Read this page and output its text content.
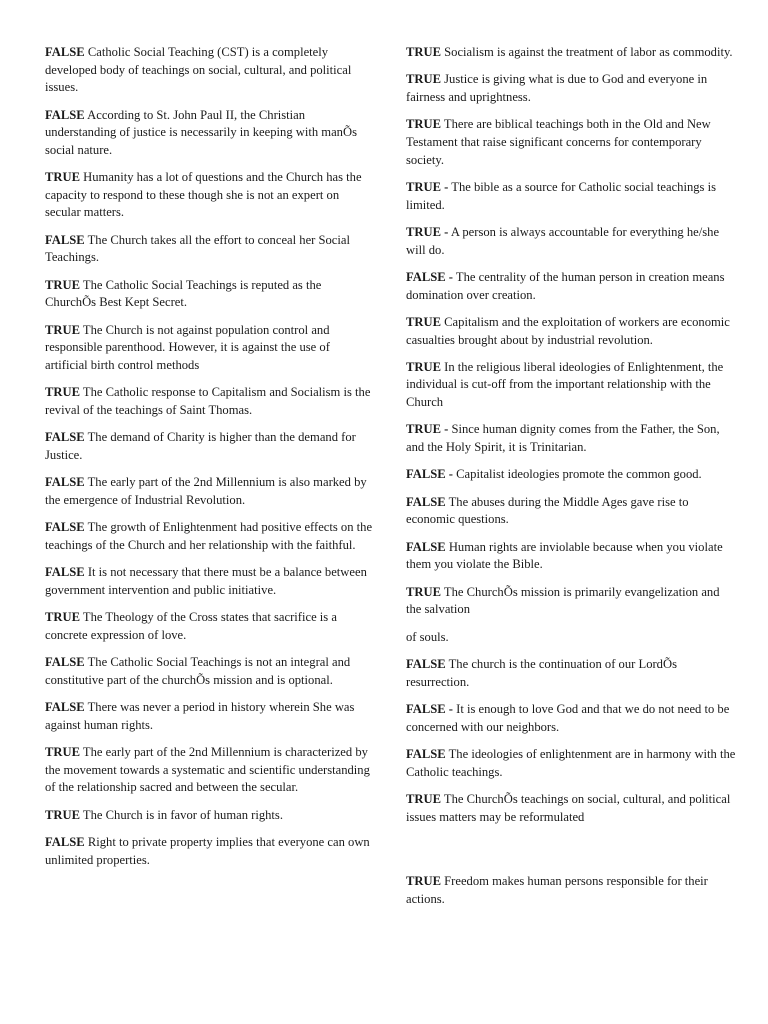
FALSE Catholic Social Teaching (CST) is a completely developed body of teachings on social, cultural, and political issues.

FALSE According to St. John Paul II, the Christian understanding of justice is necessarily in keeping with manÕs social nature.

TRUE Humanity has a lot of questions and the Church has the capacity to respond to these though she is not an expert on secular matters.

FALSE The Church takes all the effort to conceal her Social Teachings.

TRUE The Catholic Social Teachings is reputed as the ChurchÕs Best Kept Secret.

TRUE The Church is not against population control and responsible parenthood. However, it is against the use of artificial birth control methods

TRUE The Catholic response to Capitalism and Socialism is the revival of the teachings of Saint Thomas.

FALSE The demand of Charity is higher than the demand for Justice.

FALSE The early part of the 2nd Millennium is also marked by the emergence of Industrial Revolution.

FALSE The growth of Enlightenment had positive effects on the teachings of the Church and her relationship with the faithful.

FALSE It is not necessary that there must be a balance between government intervention and public initiative.

TRUE The Theology of the Cross states that sacrifice is a concrete expression of love.

FALSE The Catholic Social Teachings is not an integral and constitutive part of the churchÕs mission and is optional.

FALSE There was never a period in history wherein She was against human rights.

TRUE The early part of the 2nd Millennium is characterized by the movement towards a systematic and scientific understanding of the relationship sacred and between the secular.

TRUE The Church is in favor of human rights.

FALSE Right to private property implies that everyone can own unlimited properties.

TRUE Socialism is against the treatment of labor as commodity.

TRUE Justice is giving what is due to God and everyone in fairness and uprightness.

TRUE There are biblical teachings both in the Old and New Testament that raise significant concerns for contemporary society.

TRUE - The bible as a source for Catholic social teachings is limited.

TRUE - A person is always accountable for everything he/she will do.

FALSE - The centrality of the human person in creation means domination over creation.

TRUE Capitalism and the exploitation of workers are economic casualties brought about by industrial revolution.

TRUE In the religious liberal ideologies of Enlightenment, the individual is cut-off from the important relationship with the Church

TRUE - Since human dignity comes from the Father, the Son, and the Holy Spirit, it is Trinitarian.

FALSE - Capitalist ideologies promote the common good.

FALSE The abuses during the Middle Ages gave rise to economic questions.

FALSE Human rights are inviolable because when you violate them you violate the Bible.

TRUE The ChurchÕs mission is primarily evangelization and the salvation

of souls.

FALSE The church is the continuation of our LordÕs resurrection.

FALSE - It is enough to love God and that we do not need to be concerned with our neighbors.

FALSE The ideologies of enlightenment are in harmony with the Catholic teachings.

TRUE The ChurchÕs teachings on social, cultural, and political issues matters may be reformulated

TRUE Freedom makes human persons responsible for their actions.
